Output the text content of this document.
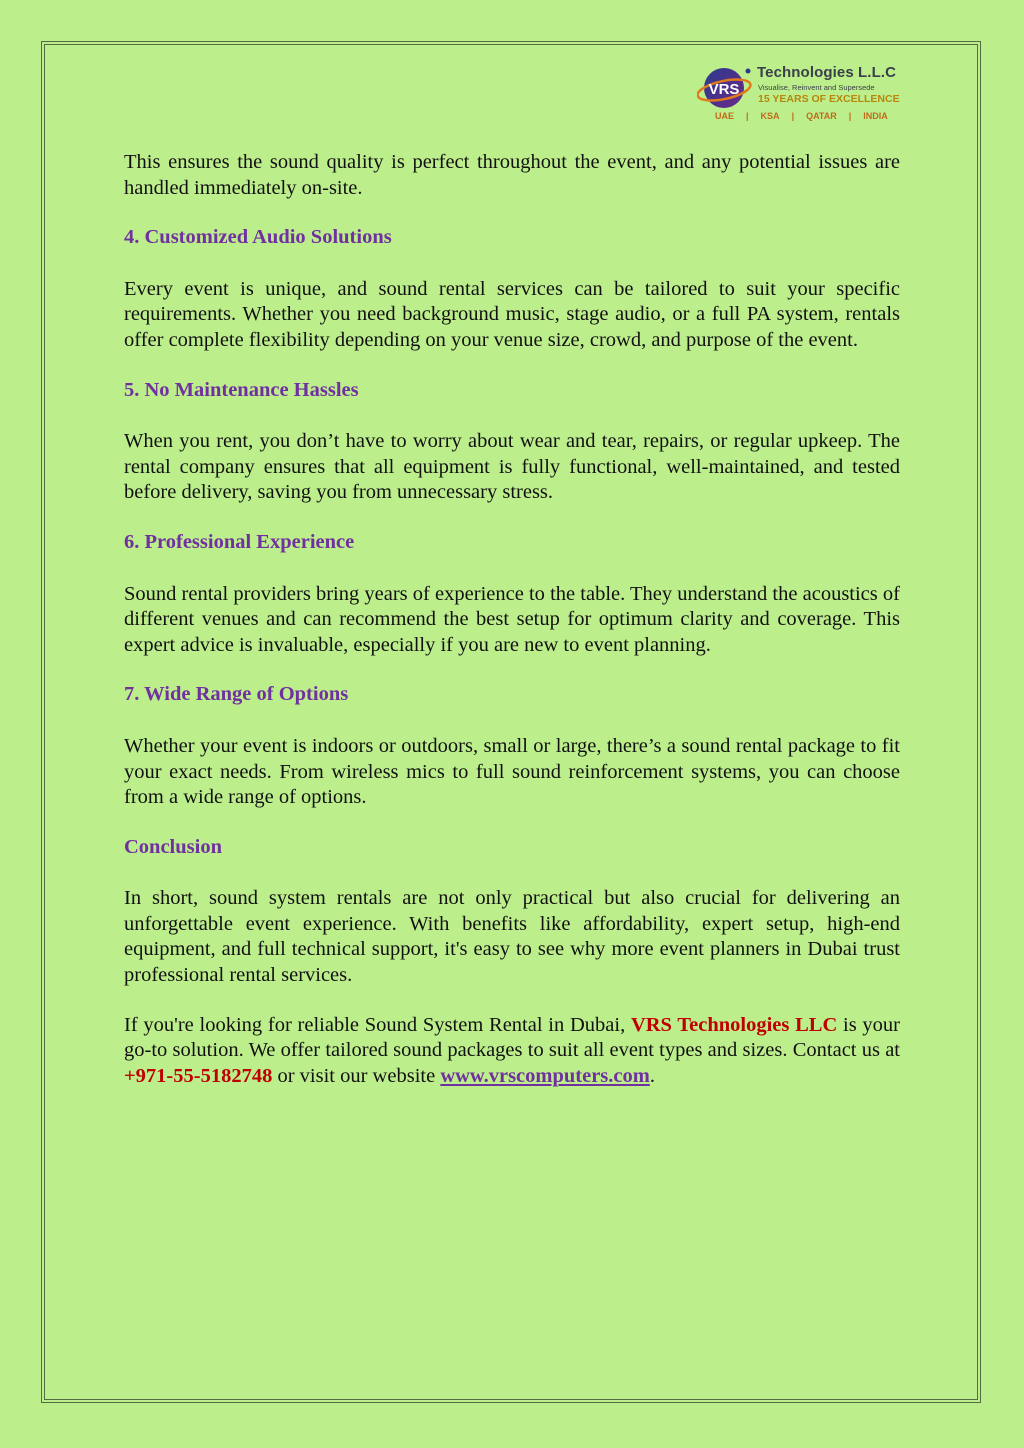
VRS
Technologies L.L.C
Visualise, Reinvent and Supersede
15 YEARS OF EXCELLENCE
UAE | KSA | QATAR | INDIA

This ensures the sound quality is perfect throughout the event, and any potential issues are handled immediately on-site.

4. Customized Audio Solutions

Every event is unique, and sound rental services can be tailored to suit your specific requirements. Whether you need background music, stage audio, or a full PA system, rentals offer complete flexibility depending on your venue size, crowd, and purpose of the event.

5. No Maintenance Hassles

When you rent, you don’t have to worry about wear and tear, repairs, or regular upkeep. The rental company ensures that all equipment is fully functional, well-maintained, and tested before delivery, saving you from unnecessary stress.

6. Professional Experience

Sound rental providers bring years of experience to the table. They understand the acoustics of different venues and can recommend the best setup for optimum clarity and coverage. This expert advice is invaluable, especially if you are new to event planning.

7. Wide Range of Options

Whether your event is indoors or outdoors, small or large, there’s a sound rental package to fit your exact needs. From wireless mics to full sound reinforcement systems, you can choose from a wide range of options.

Conclusion

In short, sound system rentals are not only practical but also crucial for delivering an unforgettable event experience. With benefits like affordability, expert setup, high-end equipment, and full technical support, it's easy to see why more event planners in Dubai trust professional rental services.

If you're looking for reliable Sound System Rental in Dubai, VRS Technologies LLC is your go-to solution. We offer tailored sound packages to suit all event types and sizes. Contact us at +971-55-5182748 or visit our website www.vrscomputers.com.
